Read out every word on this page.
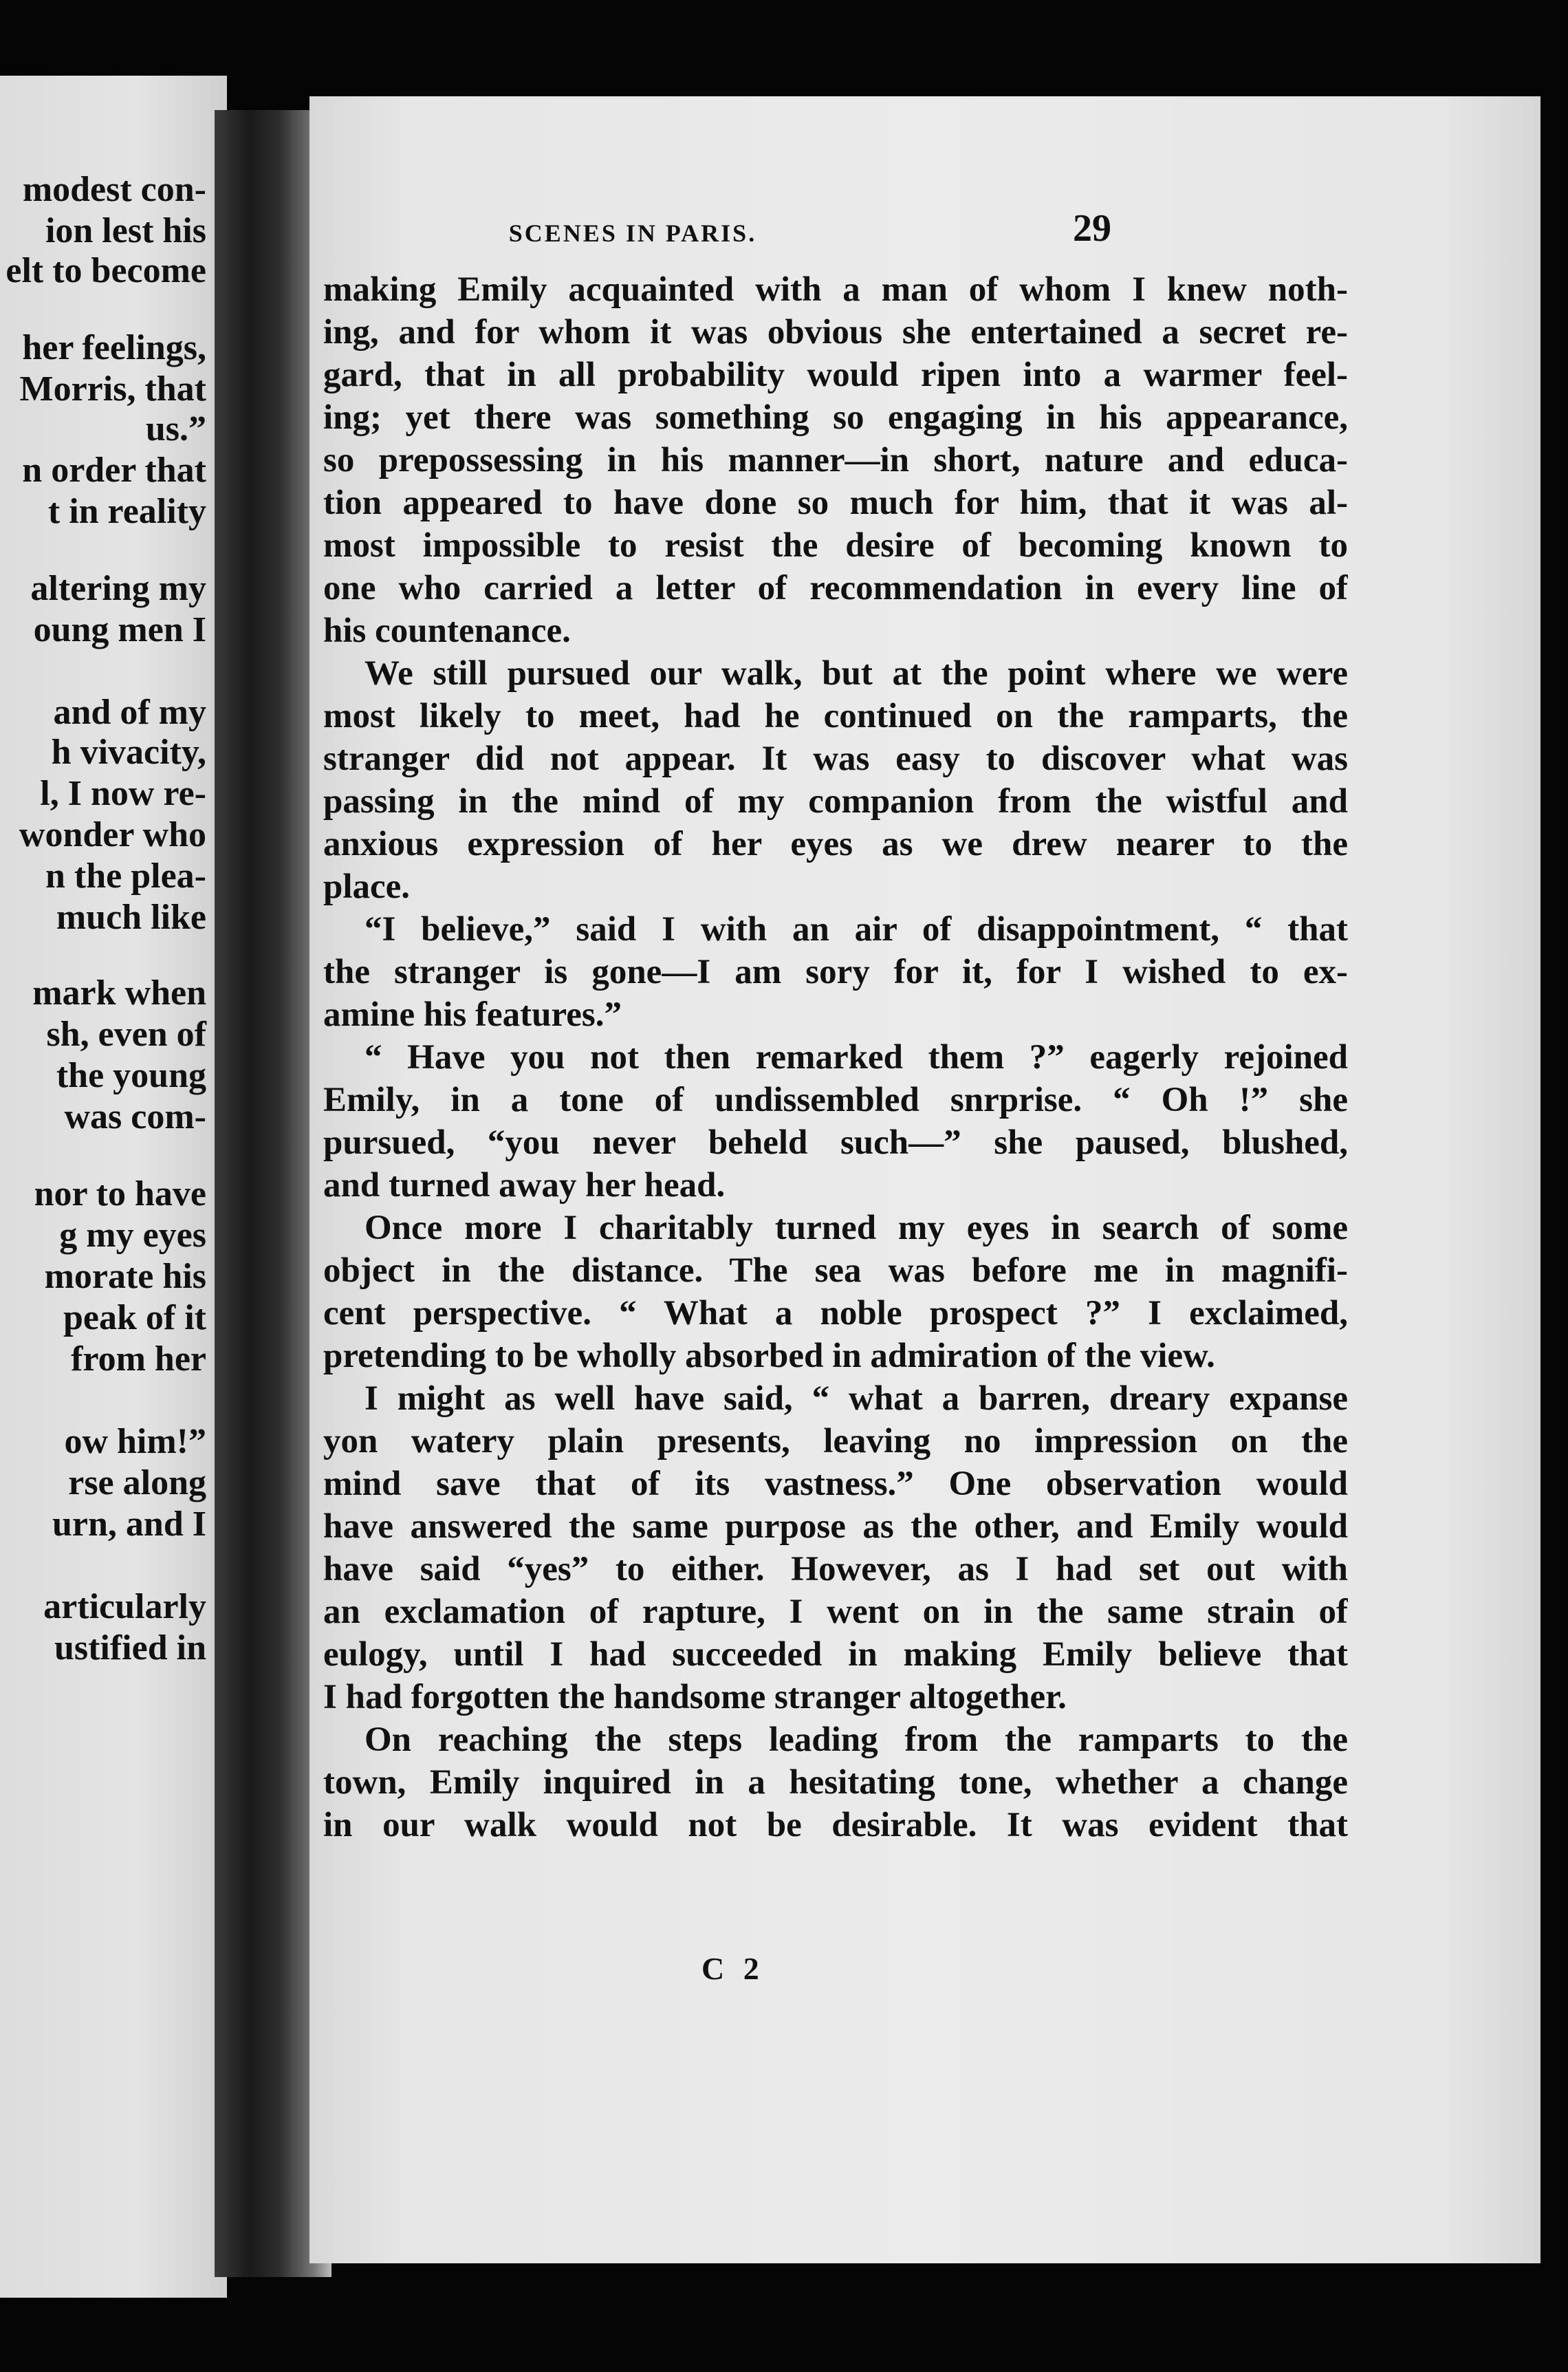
modest con-
ion lest his
elt to become
her feelings,
Morris, that
us.”
n order that
t in reality
altering my
oung men I
and of my
h vivacity,
l, I now re-
wonder who
n the plea-
much like
mark when
sh, even of
the young
was com-
nor to have
g my eyes
morate his
peak of it
from her
ow him!”
rse along
urn, and I
articularly
ustified in
SCENES IN PARIS.	29
making Emily acquainted with a man of whom I knew noth-
ing, and for whom it was obvious she entertained a secret re-
gard, that in all probability would ripen into a warmer feel-
ing; yet there was something so engaging in his appearance,
so prepossessing in his manner—in short, nature and educa-
tion appeared to have done so much for him, that it was al-
most impossible to resist the desire of becoming known to
one who carried a letter of recommendation in every line of
his countenance.
We still pursued our walk, but at the point where we were
most likely to meet, had he continued on the ramparts, the
stranger did not appear. It was easy to discover what was
passing in the mind of my companion from the wistful and
anxious expression of her eyes as we drew nearer to the
place.
“I believe,” said I with an air of disappointment, “ that
the stranger is gone—I am sory for it, for I wished to ex-
amine his features.”
“ Have you not then remarked them ?” eagerly rejoined
Emily, in a tone of undissembled snrprise. “ Oh !” she
pursued, “you never beheld such—” she paused, blushed,
and turned away her head.
Once more I charitably turned my eyes in search of some
object in the distance. The sea was before me in magnifi-
cent perspective. “ What a noble prospect ?” I exclaimed,
pretending to be wholly absorbed in admiration of the view.
I might as well have said, “ what a barren, dreary expanse
yon watery plain presents, leaving no impression on the
mind save that of its vastness.” One observation would
have answered the same purpose as the other, and Emily would
have said “yes” to either. However, as I had set out with
an exclamation of rapture, I went on in the same strain of
eulogy, until I had succeeded in making Emily believe that
I had forgotten the handsome stranger altogether.
On reaching the steps leading from the ramparts to the
town, Emily inquired in a hesitating tone, whether a change
in our walk would not be desirable. It was evident that
C 2
